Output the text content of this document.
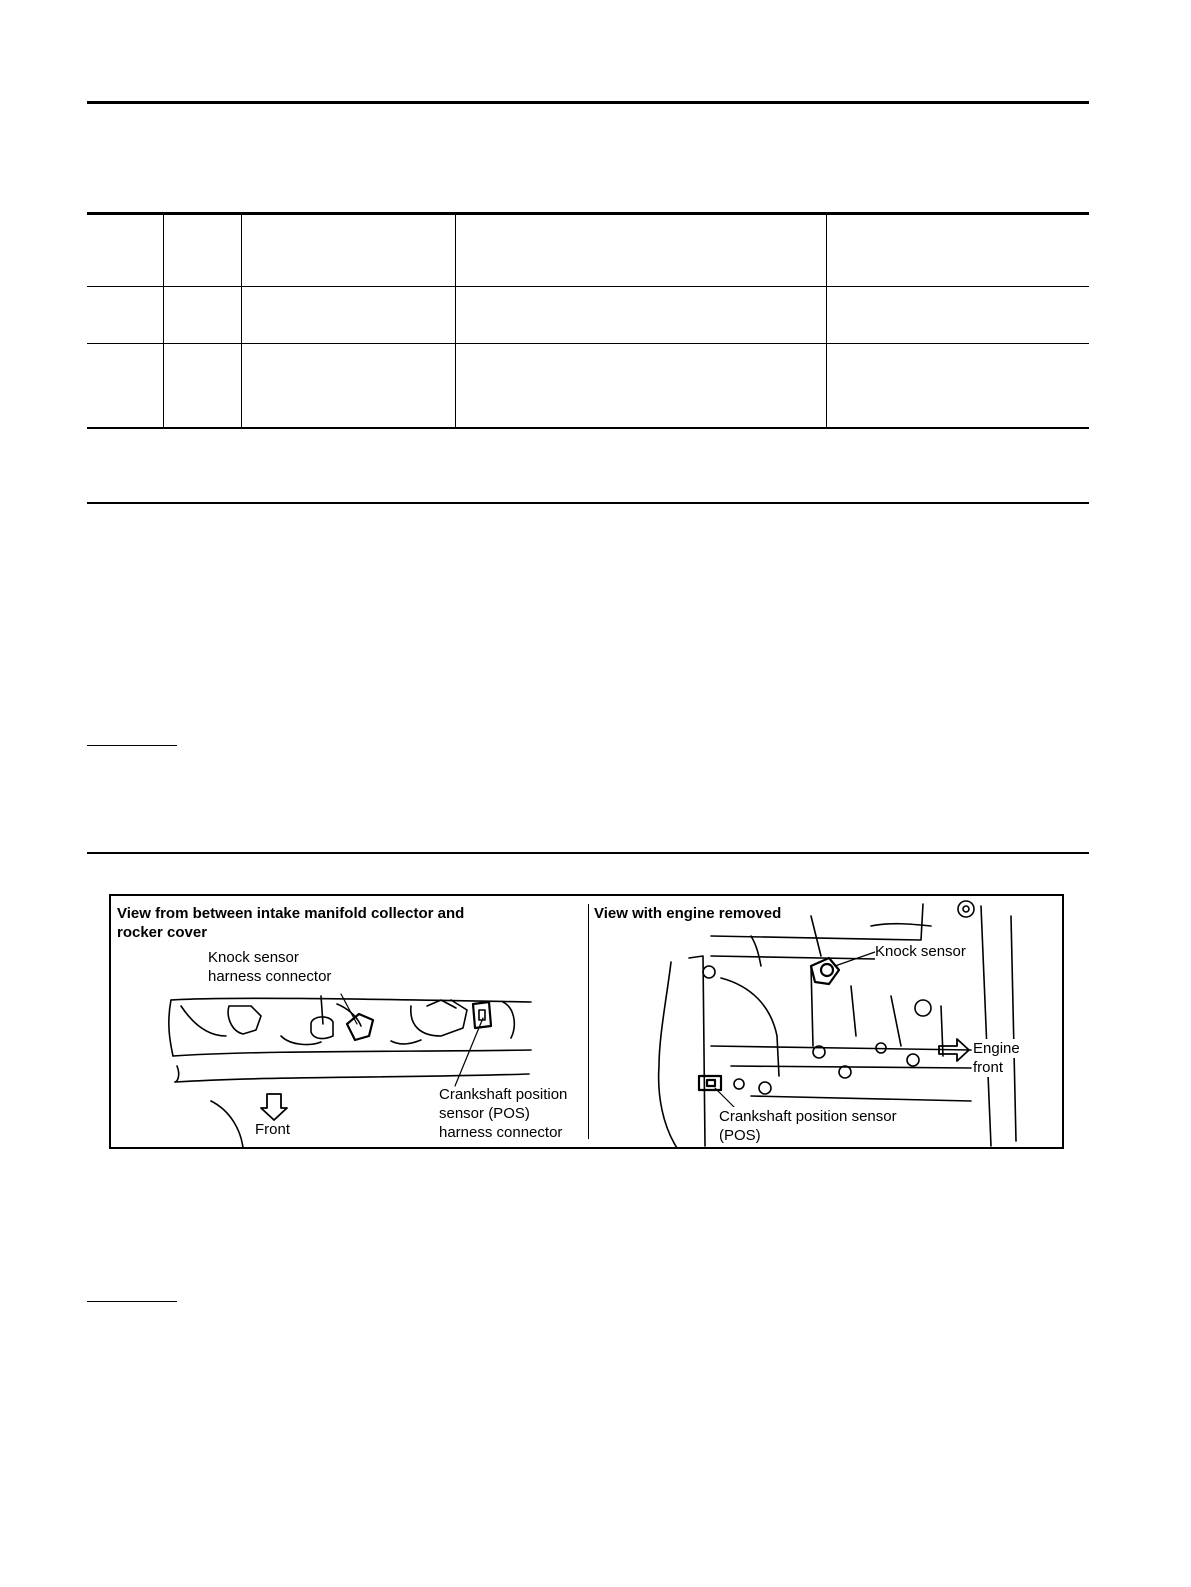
View from between intake manifold collector and
rocker cover
Knock sensor
harness connector
Crankshaft position
sensor (POS)
harness connector
Front
View with engine removed
Knock sensor
Engine
front
Crankshaft position sensor
(POS)
